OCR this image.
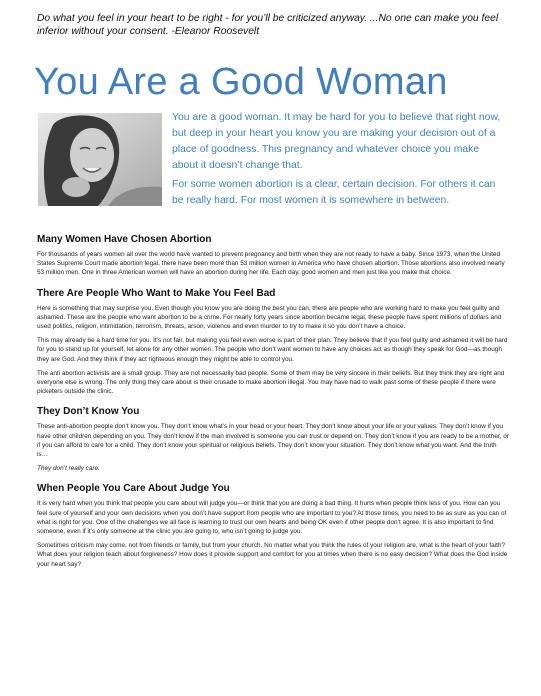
Do what you feel in your heart to be right - for you’ll be criticized anyway. ...No one can make you feel inferior without your consent. -Eleanor Roosevelt
You Are a Good Woman

You are a good woman. It may be hard for you to believe that right now, but deep in your heart you know you are making your decision out of a place of goodness. This pregnancy and whatever choice you make about it doesn’t change that.

For some women abortion is a clear, certain decision. For others it can be really hard. For most women it is somewhere in between.

Many Women Have Chosen Abortion

For thousands of years women all over the world have wanted to prevent pregnancy and birth when they are not ready to have a baby. Since 1973, when the United States Supreme Court made abortion legal, there have been more than 53 million women in America who have chosen abortion. Those abortions also involved nearly 53 million men. One in three American women will have an abortion during her life. Each day, good women and men just like you make that choice.

There Are People Who Want to Make You Feel Bad

Here is something that may surprise you. Even though you know you are doing the best you can, there are people who are working hard to make you feel guilty and ashamed. These are the people who want abortion to be a crime. For nearly forty years since abortion became legal, these people have spent millions of dollars and used politics, religion, intimidation, terrorism, threats, arson, violence and even murder to try to make it so you don’t have a choice.

This may already be a hard time for you. It’s not fair, but making you feel even worse is part of their plan. They believe that if you feel guilty and ashamed it will be hard for you to stand up for yourself, let alone for any other women. The people who don’t want women to have any choices act as though they speak for God—as though they are God. And they think if they act righteous enough they might be able to control you.

The anti abortion activists are a small group. They are not necessarily bad people. Some of them may be very sincere in their beliefs. But they think they are right and everyone else is wrong. The only thing they care about is their crusade to make abortion illegal. You may have had to walk past some of these people if there were picketers outside the clinic.

They Don’t Know You

These anti-abortion people don’t know you. They don’t know what’s in your head or your heart. They don’t know about your life or your values. They don’t know if you have other children depending on you. They don’t know if the man involved is someone you can trust or depend on. They don’t know if you are ready to be a mother, or if you can afford to care for a child. They don’t know your spiritual or religious beliefs. They don’t know your situation. They don’t know what you want. And the truth is…

They don’t really care.

When People You Care About Judge You

It is very hard when you think that people you care about will judge you—or think that you are doing a bad thing. It hurts when people think less of you. How can you feel sure of yourself and your own decisions when you don’t have support from people who are important to you? At those times, you need to be as sure as you can of what is right for you. One of the challenges we all face is learning to trust our own hearts and being OK even if other people don’t agree. It is also important to find someone, even if it’s only someone at the clinic you are going to, who isn’t going to judge you.

Sometimes criticism may come, not from friends or family, but from your church. No matter what you think the rules of your religion are, what is the heart of your faith? What does your religion teach about forgiveness? How does it provide support and comfort for you at times when there is no easy decision? What does the God inside your heart say?
